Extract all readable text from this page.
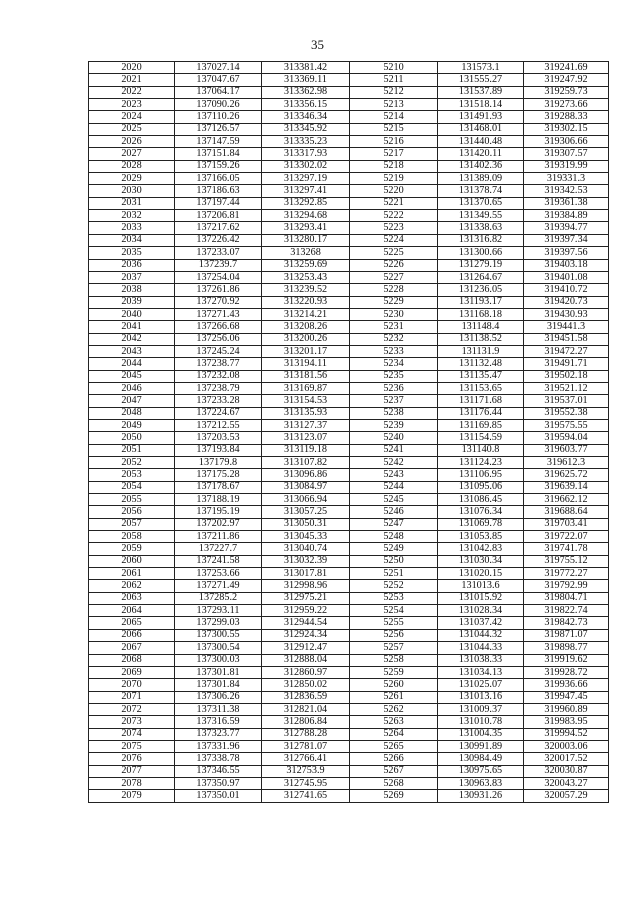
35
2020	137027.14	313381.42	5210	131573.1	319241.69
2021	137047.67	313369.11	5211	131555.27	319247.92
2022	137064.17	313362.98	5212	131537.89	319259.73
2023	137090.26	313356.15	5213	131518.14	319273.66
2024	137110.26	313346.34	5214	131491.93	319288.33
2025	137126.57	313345.92	5215	131468.01	319302.15
2026	137147.59	313335.23	5216	131440.48	319306.66
2027	137151.84	313317.93	5217	131420.11	319307.57
2028	137159.26	313302.02	5218	131402.36	319319.99
2029	137166.05	313297.19	5219	131389.09	319331.3
2030	137186.63	313297.41	5220	131378.74	319342.53
2031	137197.44	313292.85	5221	131370.65	319361.38
2032	137206.81	313294.68	5222	131349.55	319384.89
2033	137217.62	313293.41	5223	131338.63	319394.77
2034	137226.42	313280.17	5224	131316.82	319397.34
2035	137233.07	313268	5225	131300.66	319397.56
2036	137239.7	313259.69	5226	131279.19	319403.18
2037	137254.04	313253.43	5227	131264.67	319401.08
2038	137261.86	313239.52	5228	131236.05	319410.72
2039	137270.92	313220.93	5229	131193.17	319420.73
2040	137271.43	313214.21	5230	131168.18	319430.93
2041	137266.68	313208.26	5231	131148.4	319441.3
2042	137256.06	313200.26	5232	131138.52	319451.58
2043	137245.24	313201.17	5233	131131.9	319472.27
2044	137238.77	313194.11	5234	131132.48	319491.71
2045	137232.08	313181.56	5235	131135.47	319502.18
2046	137238.79	313169.87	5236	131153.65	319521.12
2047	137233.28	313154.53	5237	131171.68	319537.01
2048	137224.67	313135.93	5238	131176.44	319552.38
2049	137212.55	313127.37	5239	131169.85	319575.55
2050	137203.53	313123.07	5240	131154.59	319594.04
2051	137193.84	313119.18	5241	131140.8	319603.77
2052	137179.8	313107.82	5242	131124.23	319612.3
2053	137175.28	313096.86	5243	131106.95	319625.72
2054	137178.67	313084.97	5244	131095.06	319639.14
2055	137188.19	313066.94	5245	131086.45	319662.12
2056	137195.19	313057.25	5246	131076.34	319688.64
2057	137202.97	313050.31	5247	131069.78	319703.41
2058	137211.86	313045.33	5248	131053.85	319722.07
2059	137227.7	313040.74	5249	131042.83	319741.78
2060	137241.58	313032.39	5250	131030.34	319755.12
2061	137253.66	313017.81	5251	131020.15	319772.27
2062	137271.49	312998.96	5252	131013.6	319792.99
2063	137285.2	312975.21	5253	131015.92	319804.71
2064	137293.11	312959.22	5254	131028.34	319822.74
2065	137299.03	312944.54	5255	131037.42	319842.73
2066	137300.55	312924.34	5256	131044.32	319871.07
2067	137300.54	312912.47	5257	131044.33	319898.77
2068	137300.03	312888.04	5258	131038.33	319919.62
2069	137301.81	312860.97	5259	131034.13	319928.72
2070	137301.84	312850.02	5260	131025.07	319936.66
2071	137306.26	312836.59	5261	131013.16	319947.45
2072	137311.38	312821.04	5262	131009.37	319960.89
2073	137316.59	312806.84	5263	131010.78	319983.95
2074	137323.77	312788.28	5264	131004.35	319994.52
2075	137331.96	312781.07	5265	130991.89	320003.06
2076	137338.78	312766.41	5266	130984.49	320017.52
2077	137346.55	312753.9	5267	130975.65	320030.87
2078	137350.97	312745.95	5268	130963.83	320043.27
2079	137350.01	312741.65	5269	130931.26	320057.29
